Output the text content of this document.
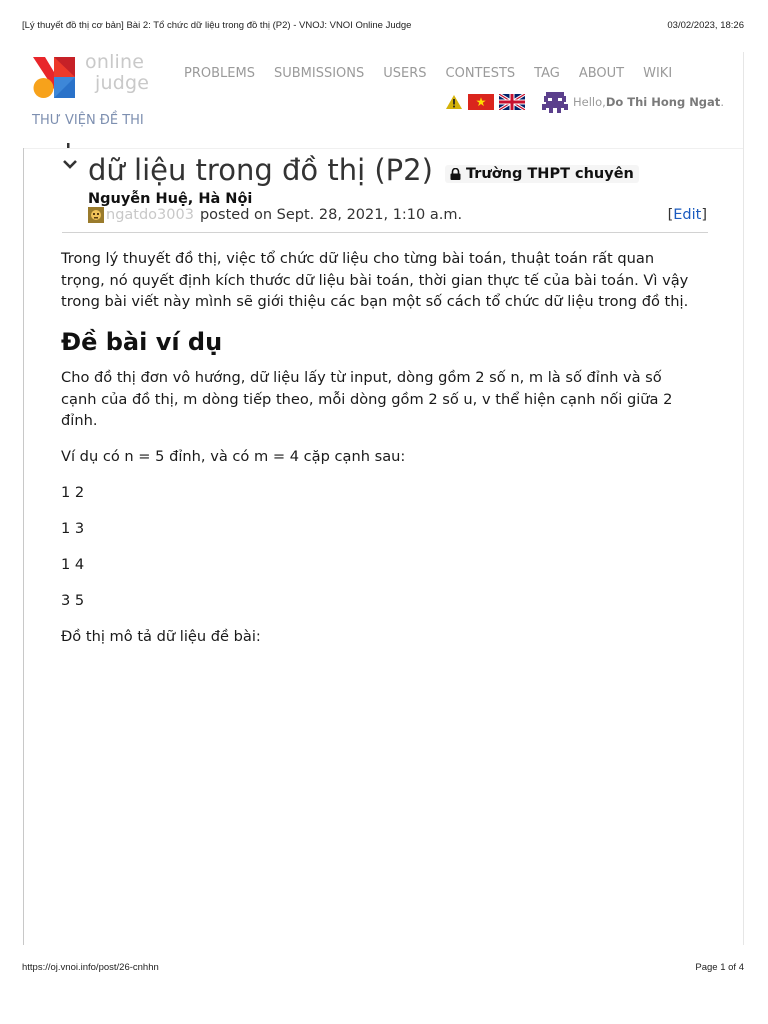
[Lý thuyết đồ thị cơ bản] Bài 2: Tổ chức dữ liệu trong đồ thị (P2) - VNOJ: VNOI Online Judge	03/02/2023, 18:26
online
judge	PROBLEMS SUBMISSIONS USERS CONTESTS TAG ABOUT WIKI
Hello, Do Thi Hong Ngat .
THƯ VIỆN ĐỀ THI
dữ liệu trong đồ thị (P2) Trường THPT chuyên
Nguyễn Huệ, Hà Nội
ngatdo3003 posted on Sept. 28, 2021, 1:10 a.m.	[Edit]

Trong lý thuyết đồ thị, việc tổ chức dữ liệu cho từng bài toán, thuật toán rất quan trọng, nó quyết định kích thước dữ liệu bài toán, thời gian thực tế của bài toán. Vì vậy trong bài viết này mình sẽ giới thiệu các bạn một số cách tổ chức dữ liệu trong đồ thị.

Đề bài ví dụ

Cho đồ thị đơn vô hướng, dữ liệu lấy từ input, dòng gồm 2 số n, m là số đỉnh và số cạnh của đồ thị, m dòng tiếp theo, mỗi dòng gồm 2 số u, v thể hiện cạnh nối giữa 2 đỉnh.

Ví dụ có n = 5 đỉnh, và có m = 4 cặp cạnh sau:

1 2

1 3

1 4

3 5

Đồ thị mô tả dữ liệu đề bài:

https://oj.vnoi.info/post/26-cnhhn	Page 1 of 4
